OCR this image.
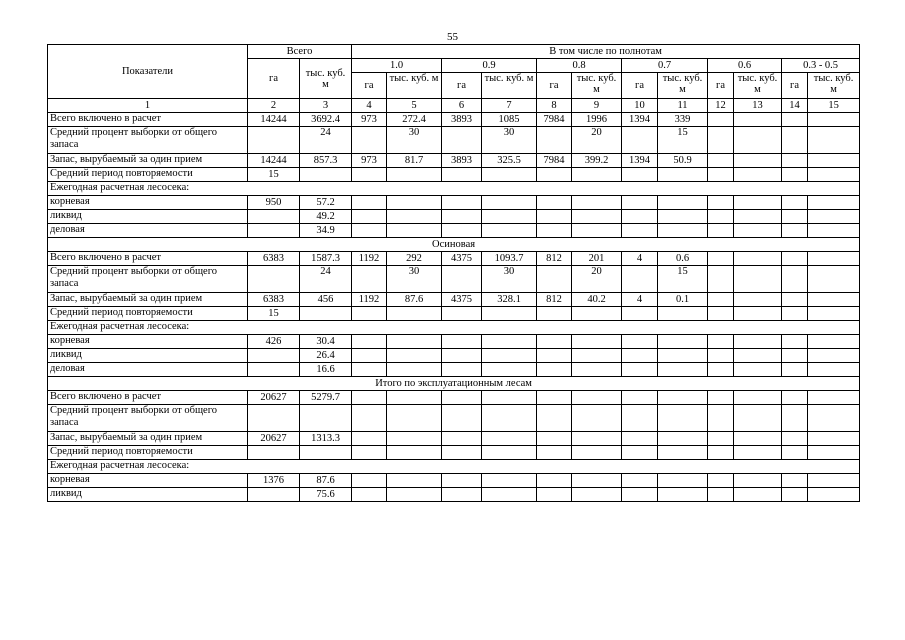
55
Показатели	Всего		В том числе по полнотам											
	га	тыс. куб. м	1.0		0.9		0.8		0.7		0.6		0.3 - 0.5	
			га	тыс. куб. м	га	тыс. куб. м	га	тыс. куб. м	га	тыс. куб. м	га	тыс. куб. м	га	тыс. куб. м
1	2	3	4	5	6	7	8	9	10	11	12	13	14	15
Всего включено в расчет	14244	3692.4	973	272.4	3893	1085	7984	1996	1394	339				
Средний процент выборки от общего запаса		24		30		30		20		15				
Запас, вырубаемый за один прием	14244	857.3	973	81.7	3893	325.5	7984	399.2	1394	50.9				
Средний период повторяемости	15													
Ежегодная расчетная лесосека:														
корневая	950	57.2												
ликвид		49.2												
деловая		34.9												
Осиновая														
Всего включено в расчет	6383	1587.3	1192	292	4375	1093.7	812	201	4	0.6				
Средний процент выборки от общего запаса		24		30		30		20		15				
Запас, вырубаемый за один прием	6383	456	1192	87.6	4375	328.1	812	40.2	4	0.1				
Средний период повторяемости	15													
Ежегодная расчетная лесосека:														
корневая	426	30.4												
ликвид		26.4												
деловая		16.6												
Итого по эксплуатационным лесам														
Всего включено в расчет	20627	5279.7												
Средний процент выборки от общего запаса														
Запас, вырубаемый за один прием	20627	1313.3												
Средний период повторяемости														
Ежегодная расчетная лесосека:														
корневая	1376	87.6												
ликвид		75.6												
